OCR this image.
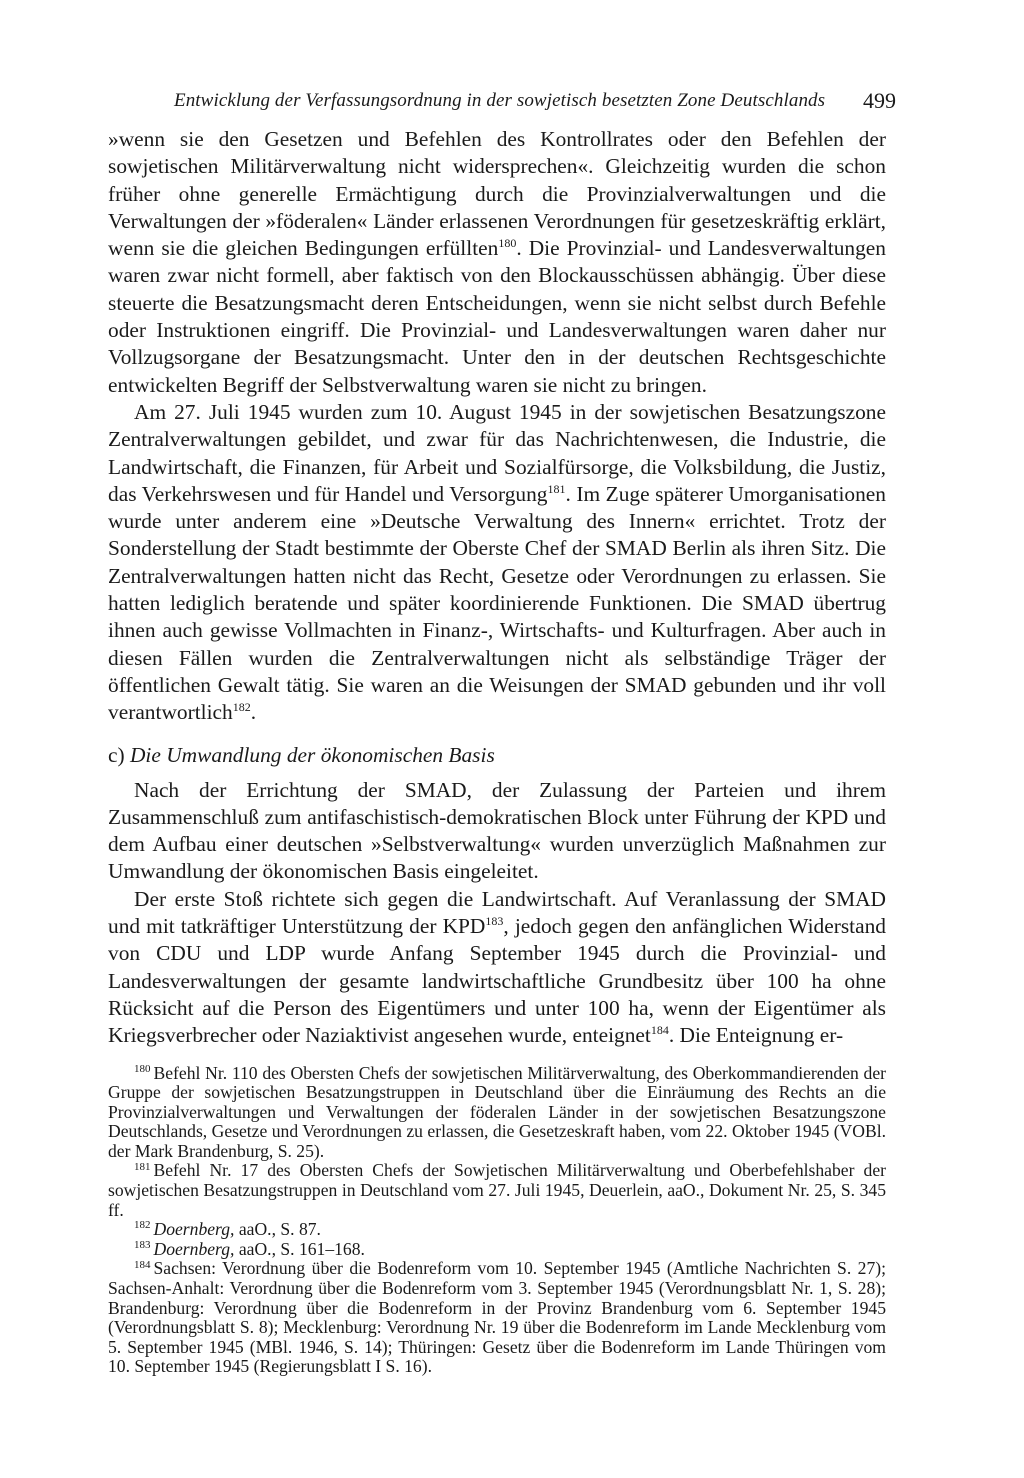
Entwicklung der Verfassungsordnung in der sowjetisch besetzten Zone Deutschlands 499

»wenn sie den Gesetzen und Befehlen des Kontrollrates oder den Befehlen der sowjetischen Militärverwaltung nicht widersprechen«. Gleichzeitig wurden die schon früher ohne generelle Ermächtigung durch die Provinzialverwaltungen und die Verwaltungen der »föderalen« Länder erlassenen Verordnungen für gesetzeskräftig erklärt, wenn sie die gleichen Bedingungen erfüllten$^{180}$. Die Provinzial- und Landesverwaltungen waren zwar nicht formell, aber faktisch von den Blockausschüssen abhängig. Über diese steuerte die Besatzungsmacht deren Entscheidungen, wenn sie nicht selbst durch Befehle oder Instruktionen eingriff. Die Provinzial- und Landesverwaltungen waren daher nur Vollzugsorgane der Besatzungsmacht. Unter den in der deutschen Rechtsgeschichte entwickelten Begriff der Selbstverwaltung waren sie nicht zu bringen.

Am 27. Juli 1945 wurden zum 10. August 1945 in der sowjetischen Besatzungszone Zentralverwaltungen gebildet, und zwar für das Nachrichtenwesen, die Industrie, die Landwirtschaft, die Finanzen, für Arbeit und Sozialfürsorge, die Volksbildung, die Justiz, das Verkehrswesen und für Handel und Versorgung$^{181}$. Im Zuge späterer Umorganisationen wurde unter anderem eine »Deutsche Verwaltung des Innern« errichtet. Trotz der Sonderstellung der Stadt bestimmte der Oberste Chef der SMAD Berlin als ihren Sitz. Die Zentralverwaltungen hatten nicht das Recht, Gesetze oder Verordnungen zu erlassen. Sie hatten lediglich beratende und später koordinierende Funktionen. Die SMAD übertrug ihnen auch gewisse Vollmachten in Finanz-, Wirtschafts- und Kulturfragen. Aber auch in diesen Fällen wurden die Zentralverwaltungen nicht als selbständige Träger der öffentlichen Gewalt tätig. Sie waren an die Weisungen der SMAD gebunden und ihr voll verantwortlich$^{182}$.

c) Die Umwandlung der ökonomischen Basis

Nach der Errichtung der SMAD, der Zulassung der Parteien und ihrem Zusammenschluß zum antifaschistisch-demokratischen Block unter Führung der KPD und dem Aufbau einer deutschen »Selbstverwaltung« wurden unverzüglich Maßnahmen zur Umwandlung der ökonomischen Basis eingeleitet.

Der erste Stoß richtete sich gegen die Landwirtschaft. Auf Veranlassung der SMAD und mit tatkräftiger Unterstützung der KPD$^{183}$, jedoch gegen den anfänglichen Widerstand von CDU und LDP wurde Anfang September 1945 durch die Provinzial- und Landesverwaltungen der gesamte landwirtschaftliche Grundbesitz über 100 ha ohne Rücksicht auf die Person des Eigentümers und unter 100 ha, wenn der Eigentümer als Kriegsverbrecher oder Naziaktivist angesehen wurde, enteignet$^{184}$. Die Enteignung er-

$^{180}$ Befehl Nr. 110 des Obersten Chefs der sowjetischen Militärverwaltung, des Oberkommandierenden der Gruppe der sowjetischen Besatzungstruppen in Deutschland über die Einräumung des Rechts an die Provinzialverwaltungen und Verwaltungen der föderalen Länder in der sowjetischen Besatzungszone Deutschlands, Gesetze und Verordnungen zu erlassen, die Gesetzeskraft haben, vom 22. Oktober 1945 (VOBl. der Mark Brandenburg, S. 25).

$^{181}$ Befehl Nr. 17 des Obersten Chefs der Sowjetischen Militärverwaltung und Oberbefehlshaber der sowjetischen Besatzungstruppen in Deutschland vom 27. Juli 1945, Deuerlein, aaO., Dokument Nr. 25, S. 345 ff.

$^{182}$ Doernberg, aaO., S. 87.

$^{183}$ Doernberg, aaO., S. 161–168.

$^{184}$ Sachsen: Verordnung über die Bodenreform vom 10. September 1945 (Amtliche Nachrichten S. 27); Sachsen-Anhalt: Verordnung über die Bodenreform vom 3. September 1945 (Verordnungsblatt Nr. 1, S. 28); Brandenburg: Verordnung über die Bodenreform in der Provinz Brandenburg vom 6. September 1945 (Verordnungsblatt S. 8); Mecklenburg: Verordnung Nr. 19 über die Bodenreform im Lande Mecklenburg vom 5. September 1945 (MBl. 1946, S. 14); Thüringen: Gesetz über die Bodenreform im Lande Thüringen vom 10. September 1945 (Regierungsblatt I S. 16).
